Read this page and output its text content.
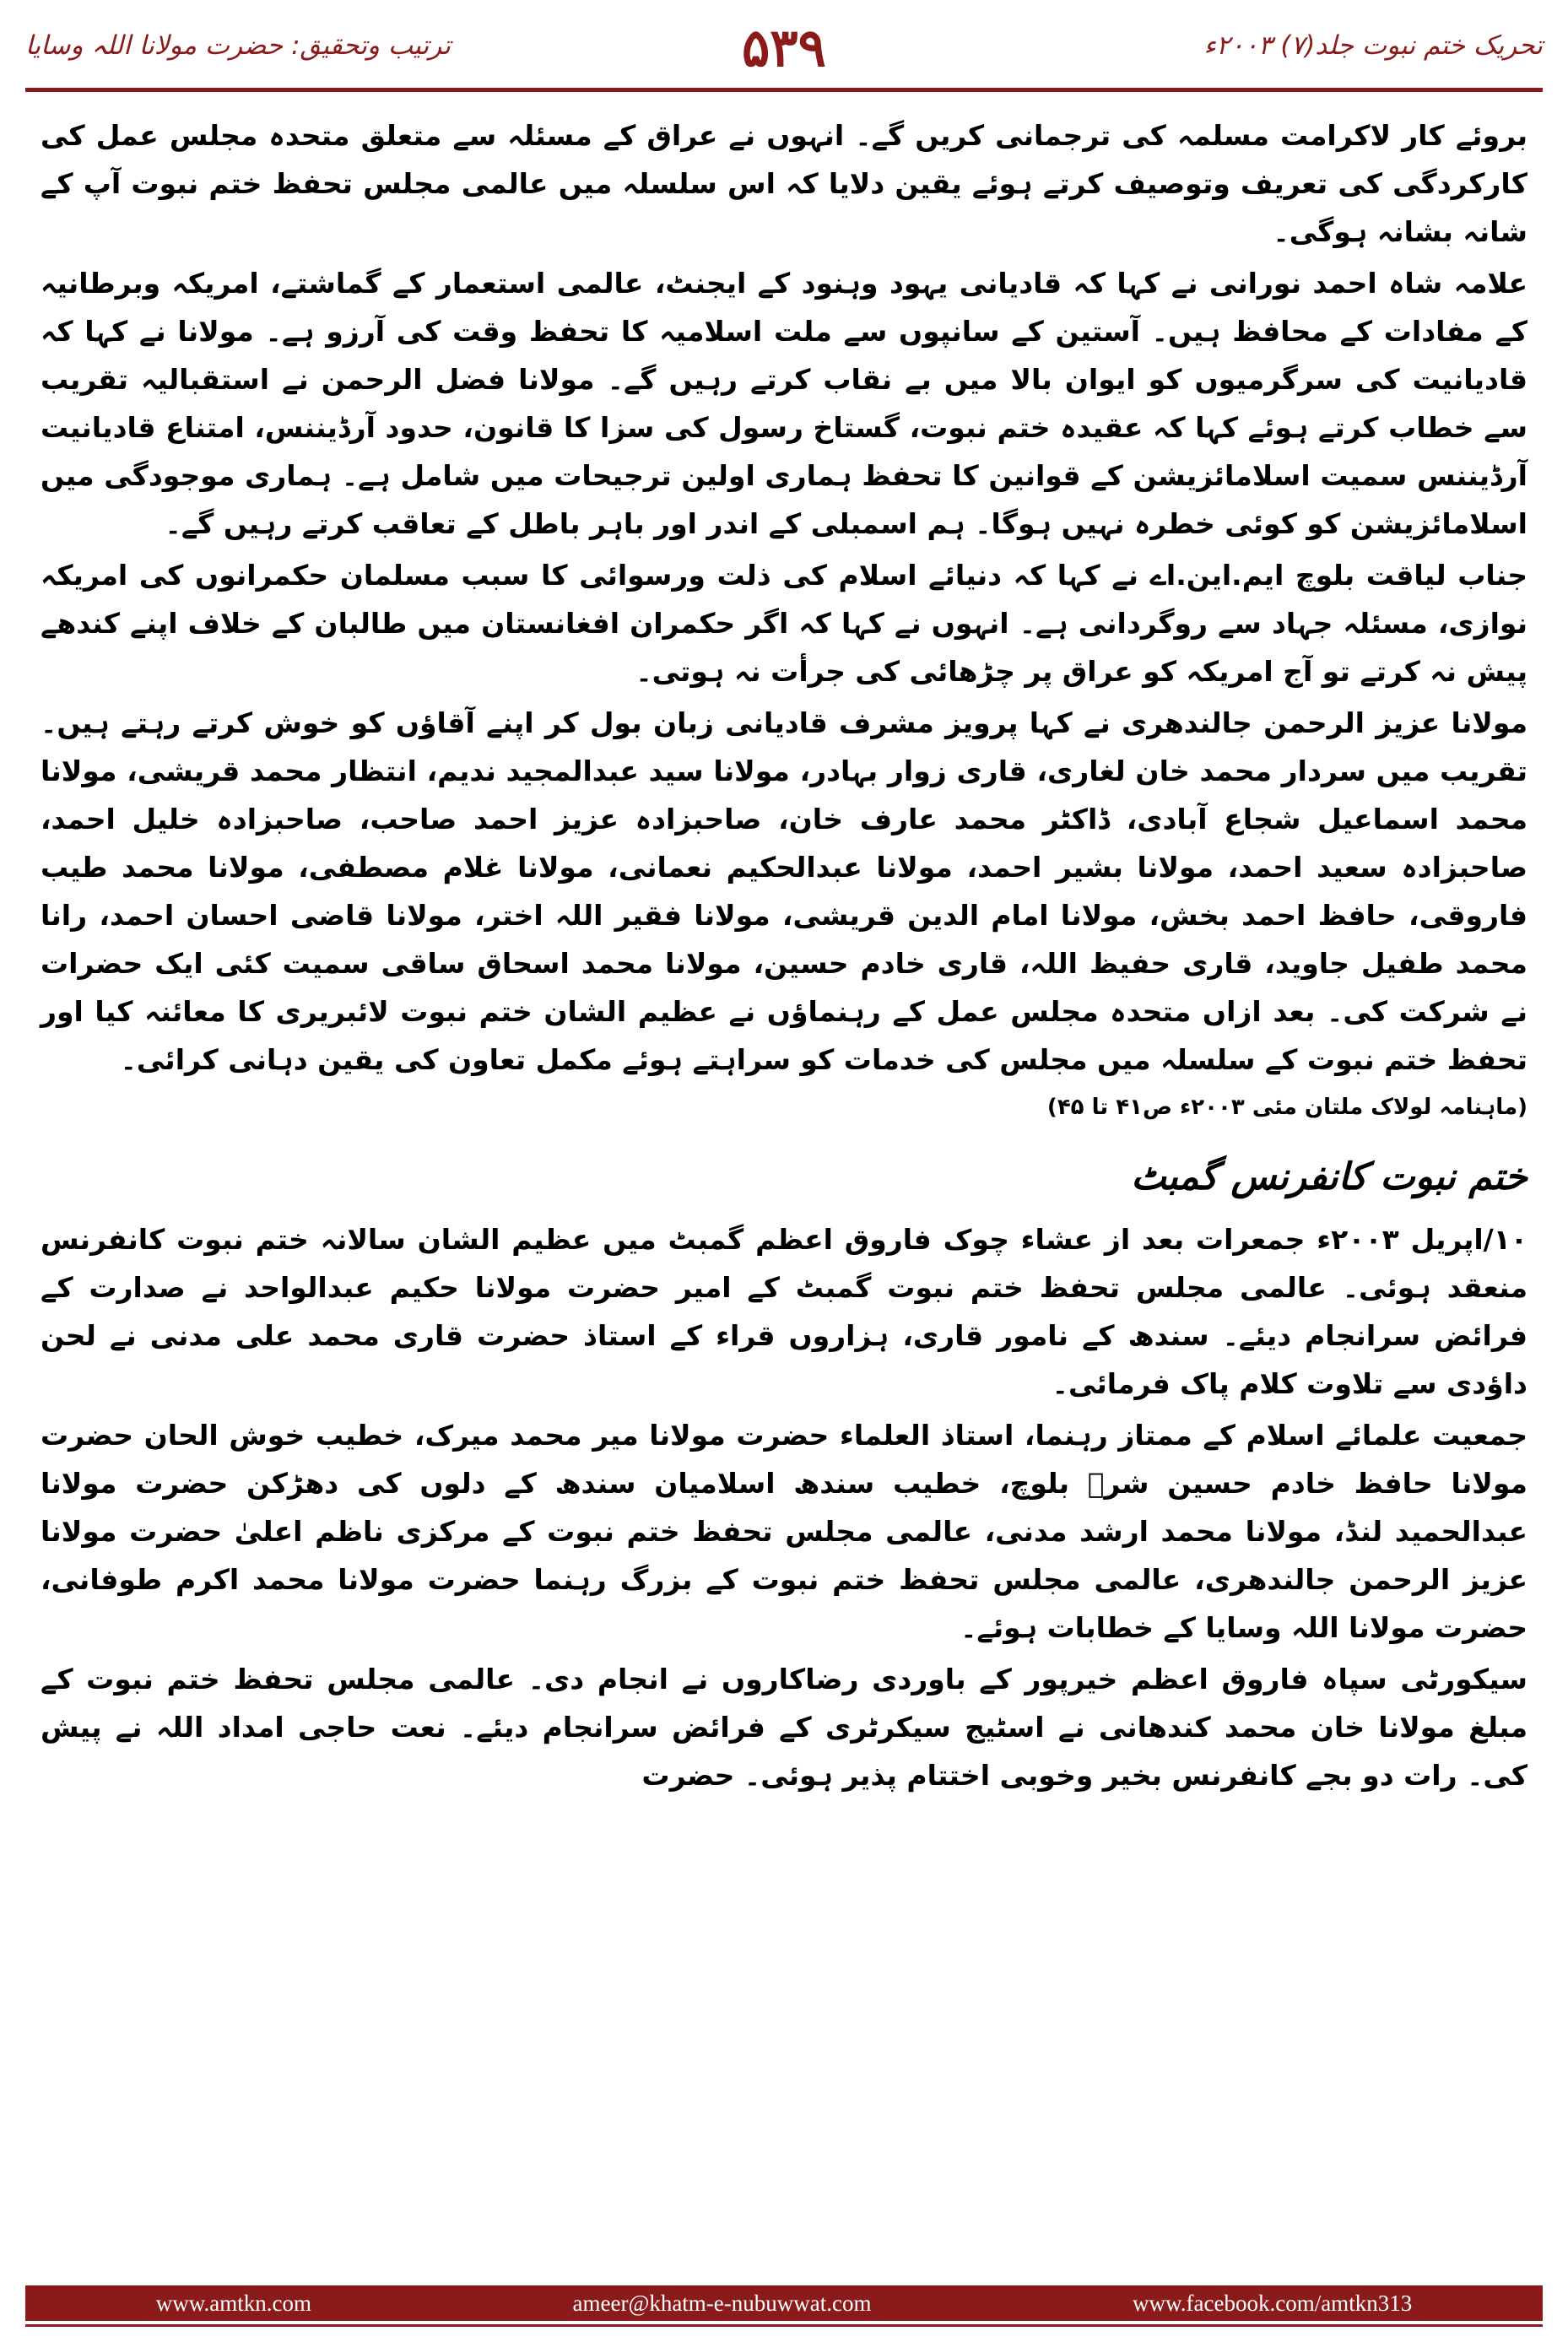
ترتیب وتحقیق: حضرت مولانا اللہ وسایا	۵۳۹	تحریک ختم نبوت جلد(۷) ۲۰۰۳ء

بروئے کار لاکرامت مسلمہ کی ترجمانی کریں گے۔ انہوں نے عراق کے مسئلہ سے متعلق متحدہ مجلس عمل کی کارکردگی کی تعریف وتوصیف کرتے ہوئے یقین دلایا کہ اس سلسلہ میں عالمی مجلس تحفظ ختم نبوت آپ کے شانہ بشانہ ہوگی۔

علامہ شاہ احمد نورانی نے کہا کہ قادیانی یہود وہنود کے ایجنٹ، عالمی استعمار کے گماشتے، امریکہ وبرطانیہ کے مفادات کے محافظ ہیں۔ آستین کے سانپوں سے ملت اسلامیہ کا تحفظ وقت کی آرزو ہے۔ مولانا نے کہا کہ قادیانیت کی سرگرمیوں کو ایوان بالا میں بے نقاب کرتے رہیں گے۔ مولانا فضل الرحمن نے استقبالیہ تقریب سے خطاب کرتے ہوئے کہا کہ عقیدہ ختم نبوت، گستاخ رسول کی سزا کا قانون، حدود آرڈیننس، امتناع قادیانیت آرڈیننس سمیت اسلامائزیشن کے قوانین کا تحفظ ہماری اولین ترجیحات میں شامل ہے۔ ہماری موجودگی میں اسلامائزیشن کو کوئی خطرہ نہیں ہوگا۔ ہم اسمبلی کے اندر اور باہر باطل کے تعاقب کرتے رہیں گے۔

جناب لیاقت بلوچ ایم.این.اے نے کہا کہ دنیائے اسلام کی ذلت ورسوائی کا سبب مسلمان حکمرانوں کی امریکہ نوازی، مسئلہ جہاد سے روگردانی ہے۔ انہوں نے کہا کہ اگر حکمران افغانستان میں طالبان کے خلاف اپنے کندھے پیش نہ کرتے تو آج امریکہ کو عراق پر چڑھائی کی جرأت نہ ہوتی۔

مولانا عزیز الرحمن جالندھری نے کہا پرویز مشرف قادیانی زبان بول کر اپنے آقاؤں کو خوش کرتے رہتے ہیں۔ تقریب میں سردار محمد خان لغاری، قاری زوار بہادر، مولانا سید عبدالمجید ندیم، انتظار محمد قریشی، مولانا محمد اسماعیل شجاع آبادی، ڈاکٹر محمد عارف خان، صاحبزادہ عزیز احمد صاحب، صاحبزادہ خلیل احمد، صاحبزادہ سعید احمد، مولانا بشیر احمد، مولانا عبدالحکیم نعمانی، مولانا غلام مصطفی، مولانا محمد طیب فاروقی، حافظ احمد بخش، مولانا امام الدین قریشی، مولانا فقیر اللہ اختر، مولانا قاضی احسان احمد، رانا محمد طفیل جاوید، قاری حفیظ اللہ، قاری خادم حسین، مولانا محمد اسحاق ساقی سمیت کئی ایک حضرات نے شرکت کی۔ بعد ازاں متحدہ مجلس عمل کے رہنماؤں نے عظیم الشان ختم نبوت لائبریری کا معائنہ کیا اور تحفظ ختم نبوت کے سلسلہ میں مجلس کی خدمات کو سراہتے ہوئے مکمل تعاون کی یقین دہانی کرائی۔

(ماہنامہ لولاک ملتان مئی ۲۰۰۳ء ص۴۱ تا ۴۵)
ختم نبوت کانفرنس گمبٹ

۱۰/اپریل ۲۰۰۳ء جمعرات بعد از عشاء چوک فاروق اعظم گمبٹ میں عظیم الشان سالانہ ختم نبوت کانفرنس منعقد ہوئی۔ عالمی مجلس تحفظ ختم نبوت گمبٹ کے امیر حضرت مولانا حکیم عبدالواحد نے صدارت کے فرائض سرانجام دیئے۔ سندھ کے نامور قاری، ہزاروں قراء کے استاذ حضرت قاری محمد علی مدنی نے لحن داؤدی سے تلاوت کلام پاک فرمائی۔

جمعیت علمائے اسلام کے ممتاز رہنما، استاذ العلماء حضرت مولانا میر محمد میرک، خطیب خوش الحان حضرت مولانا حافظ خادم حسین شرؔ بلوچ، خطیب سندھ اسلامیان سندھ کے دلوں کی دھڑکن حضرت مولانا عبدالحمید لنڈ، مولانا محمد ارشد مدنی، عالمی مجلس تحفظ ختم نبوت کے مرکزی ناظم اعلیٰ حضرت مولانا عزیز الرحمن جالندھری، عالمی مجلس تحفظ ختم نبوت کے بزرگ رہنما حضرت مولانا محمد اکرم طوفانی، حضرت مولانا اللہ وسایا کے خطابات ہوئے۔

سیکورٹی سپاہ فاروق اعظم خیرپور کے باوردی رضاکاروں نے انجام دی۔ عالمی مجلس تحفظ ختم نبوت کے مبلغ مولانا خان محمد کندھانی نے اسٹیج سیکرٹری کے فرائض سرانجام دیئے۔ نعت حاجی امداد اللہ نے پیش کی۔ رات دو بجے کانفرنس بخیر وخوبی اختتام پذیر ہوئی۔ حضرت

www.amtkn.com	ameer@khatm-e-nubuwwat.com	www.facebook.com/amtkn313
